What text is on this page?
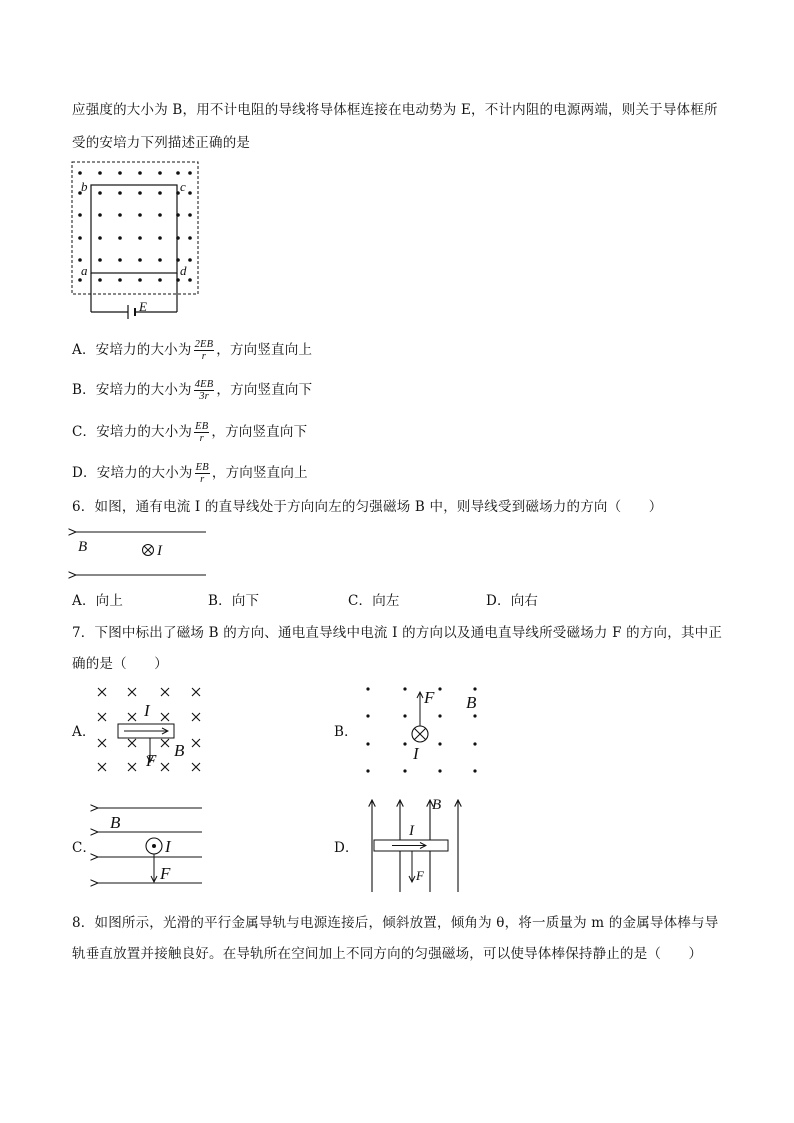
应强度的大小为 B，用不计电阻的导线将导体框连接在电动势为 E，不计内阻的电源两端，则关于导体框所
受的安培力下列描述正确的是
b	c
a	d
E
A．安培力的大小为 $\frac{2EB}{r}$ ，方向竖直向上
B．安培力的大小为 $\frac{4EB}{3r}$ ，方向竖直向下
C．安培力的大小为 $\frac{EB}{r}$ ，方向竖直向下
D．安培力的大小为 $\frac{EB}{r}$ ，方向竖直向上
6．如图，通有电流 I 的直导线处于方向向左的匀强磁场 B 中，则导线受到磁场力的方向（　　）
B	I
A．向上	B．向下	C．向左	D．向右
7．下图中标出了磁场 B 的方向、通电直导线中电流 I 的方向以及通电直导线所受磁场力 F 的方向，其中正
确的是（　　）
A．	B．
C．	D．
I
B
F
F B
I
B
I
F
B
I
F
8．如图所示，光滑的平行金属导轨与电源连接后，倾斜放置，倾角为 θ，将一质量为 m 的金属导体棒与导
轨垂直放置并接触良好。在导轨所在空间加上不同方向的匀强磁场，可以使导体棒保持静止的是（　　）
